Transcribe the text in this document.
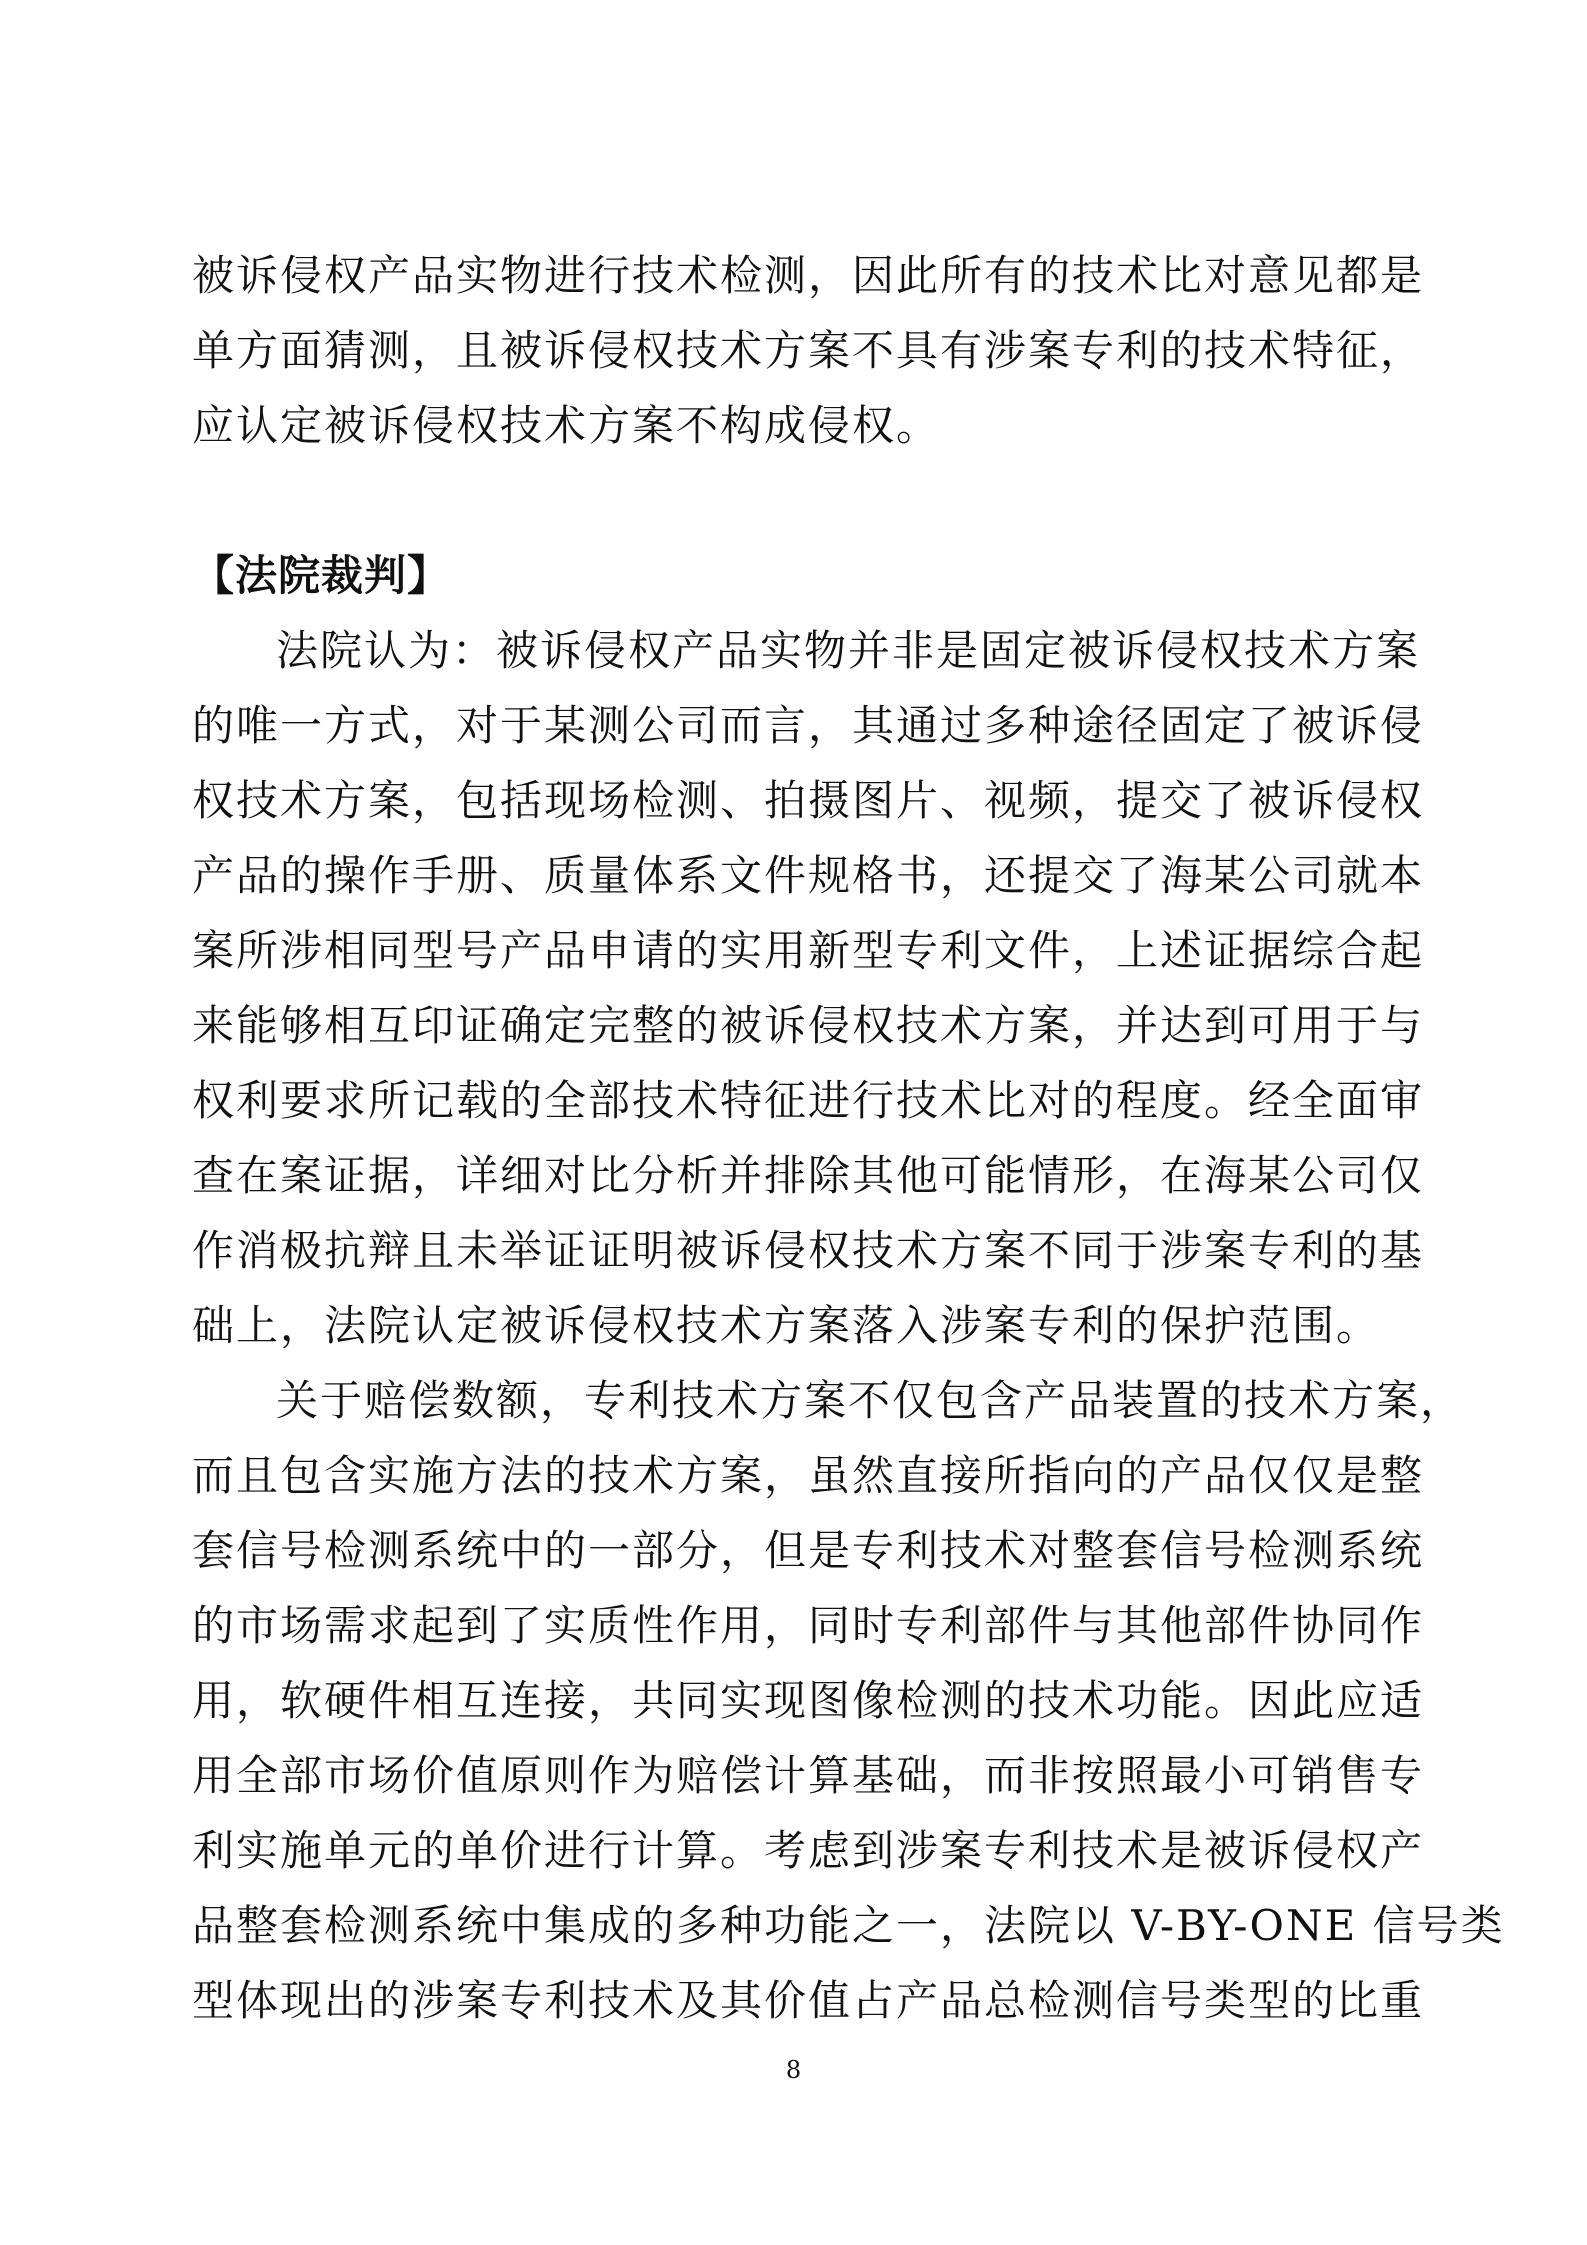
被诉侵权产品实物进行技术检测，因此所有的技术比对意见都是
单方面猜测，且被诉侵权技术方案不具有涉案专利的技术特征，
应认定被诉侵权技术方案不构成侵权。
【法院裁判】
法院认为：被诉侵权产品实物并非是固定被诉侵权技术方案
的唯一方式，对于某测公司而言，其通过多种途径固定了被诉侵
权技术方案，包括现场检测、拍摄图片、视频，提交了被诉侵权
产品的操作手册、质量体系文件规格书，还提交了海某公司就本
案所涉相同型号产品申请的实用新型专利文件，上述证据综合起
来能够相互印证确定完整的被诉侵权技术方案，并达到可用于与
权利要求所记载的全部技术特征进行技术比对的程度。经全面审
查在案证据，详细对比分析并排除其他可能情形，在海某公司仅
作消极抗辩且未举证证明被诉侵权技术方案不同于涉案专利的基
础上，法院认定被诉侵权技术方案落入涉案专利的保护范围。
关于赔偿数额，专利技术方案不仅包含产品装置的技术方案，
而且包含实施方法的技术方案，虽然直接所指向的产品仅仅是整
套信号检测系统中的一部分，但是专利技术对整套信号检测系统
的市场需求起到了实质性作用，同时专利部件与其他部件协同作
用，软硬件相互连接，共同实现图像检测的技术功能。因此应适
用全部市场价值原则作为赔偿计算基础，而非按照最小可销售专
利实施单元的单价进行计算。考虑到涉案专利技术是被诉侵权产
品整套检测系统中集成的多种功能之一，法院以 V-BY-ONE 信号类
型体现出的涉案专利技术及其价值占产品总检测信号类型的比重
8
